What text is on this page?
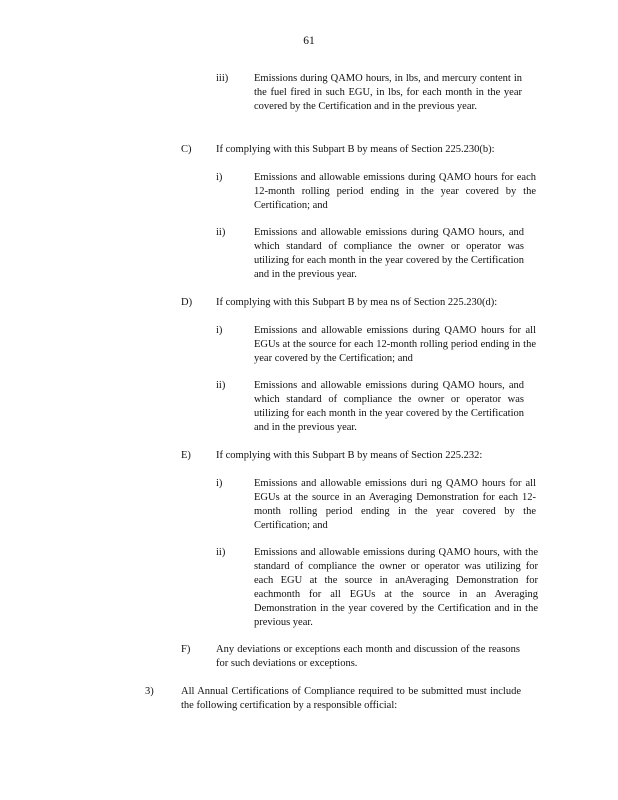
61
iii) Emissions during QAMO hours, in lbs, and mercury content in the fuel fired in such EGU, in lbs, for each month in the year covered by the Certification and in the previous year.
C) If complying with this Subpart B by means of Section 225.230(b):
i)	Emissions and allowable emissions during QAMO hours for each 12-month rolling period ending in the year covered by the Certification; and
ii)	Emissions and allowable emissions during QAMO hours, and which standard of compliance the owner or operator was utilizing for each month in the year covered by the Certification and in the previous year.
D) If complying with this Subpart B by mea ns of Section 225.230(d):
i)	Emissions and allowable emissions during QAMO hours for all EGUs at the source for each 12-month rolling period ending in the year covered by the Certification; and
ii)	Emissions and allowable emissions during QAMO hours, and which standard of compliance the owner or operator was utilizing for each month in the year covered by the Certification and in the previous year.
E) If complying with this Subpart B by means of Section 225.232:
i)	Emissions and allowable emissions duri ng QAMO hours for all EGUs at the source in an Averaging Demonstration for each 12-month rolling period ending in the year covered by the Certification; and
ii)	Emissions and allowable emissions during QAMO hours, with the standard of compliance the owner or operator was utilizing for each EGU at the source in anAveraging Demonstration for eachmonth for all EGUs at the source in an Averaging Demonstration in the year covered by the Certification and in the previous year.
F) Any deviations or exceptions each month and discussion of the reasons for such deviations or exceptions.
3)	All Annual Certifications of Compliance required to be submitted must include the following certification by a responsible official:
